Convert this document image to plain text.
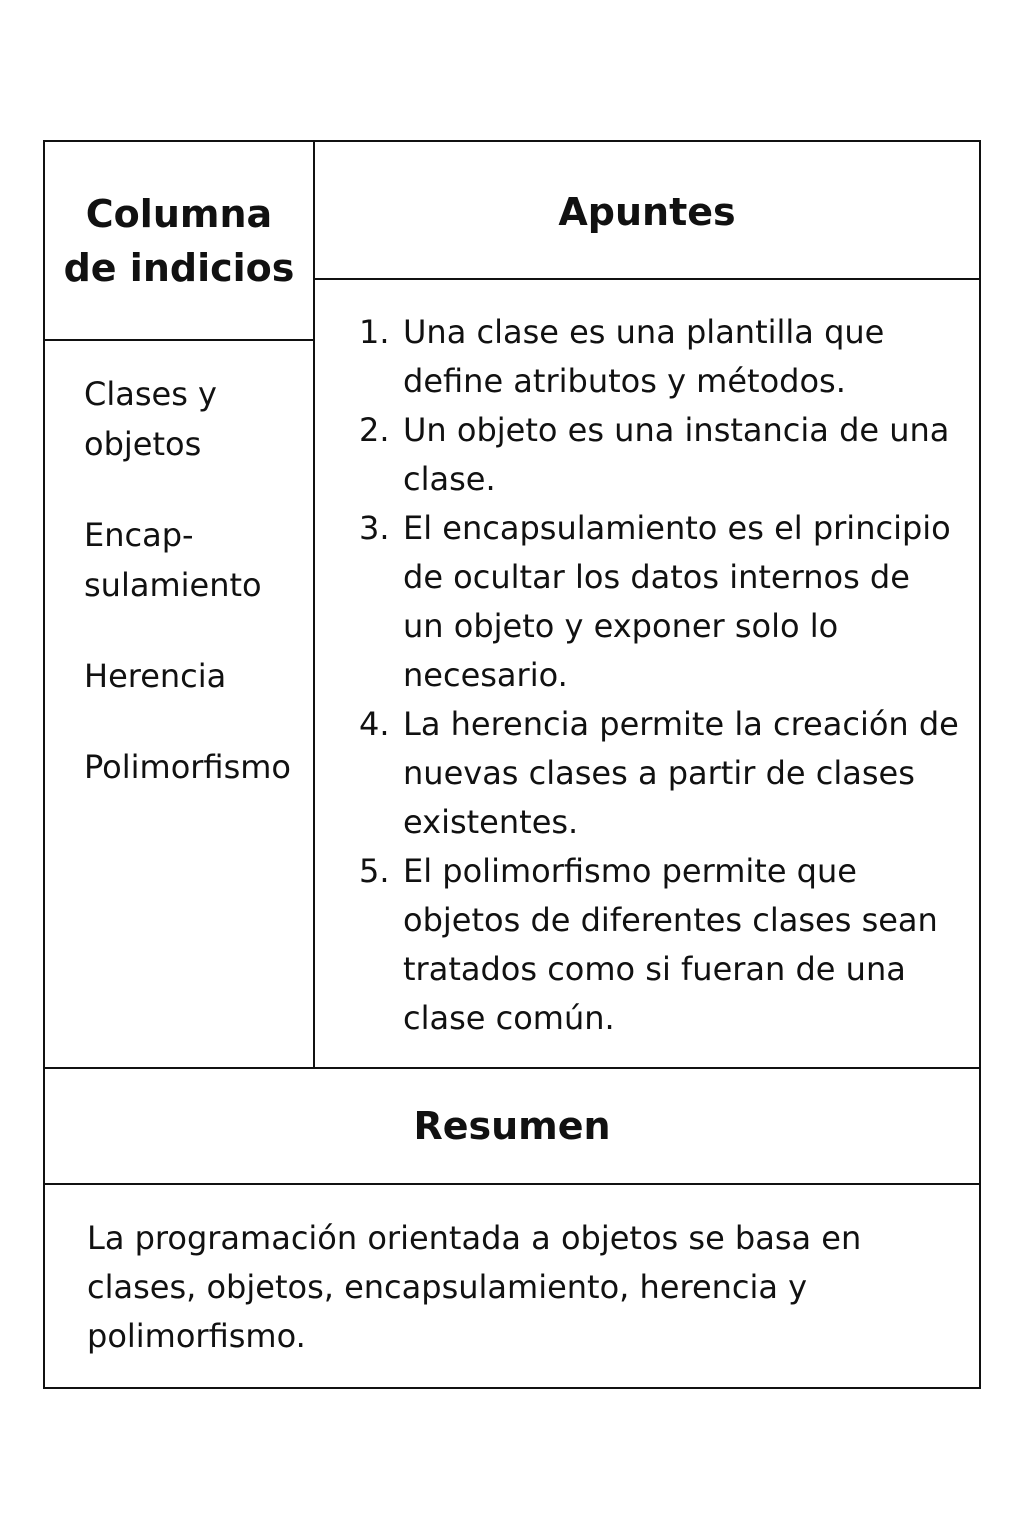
Columna
de indicios
Clases y
objetos
Encap-
sulamiento
Herencia
Polimorfismo
Apuntes
1. Una clase es una plantilla que define atributos y métodos.
2. Un objeto es una instancia de una clase.
3. El encapsulamiento es el principio de ocultar los datos internos de un objeto y exponer solo lo necesario.
4. La herencia permite la creación de nuevas clases a partir de clases existentes.
5. El polimorfismo permite que objetos de diferentes clases sean tratados como si fueran de una clase común.
Resumen

La programación orientada a objetos se basa en clases, objetos, encapsulamiento, herencia y polimorfismo.
